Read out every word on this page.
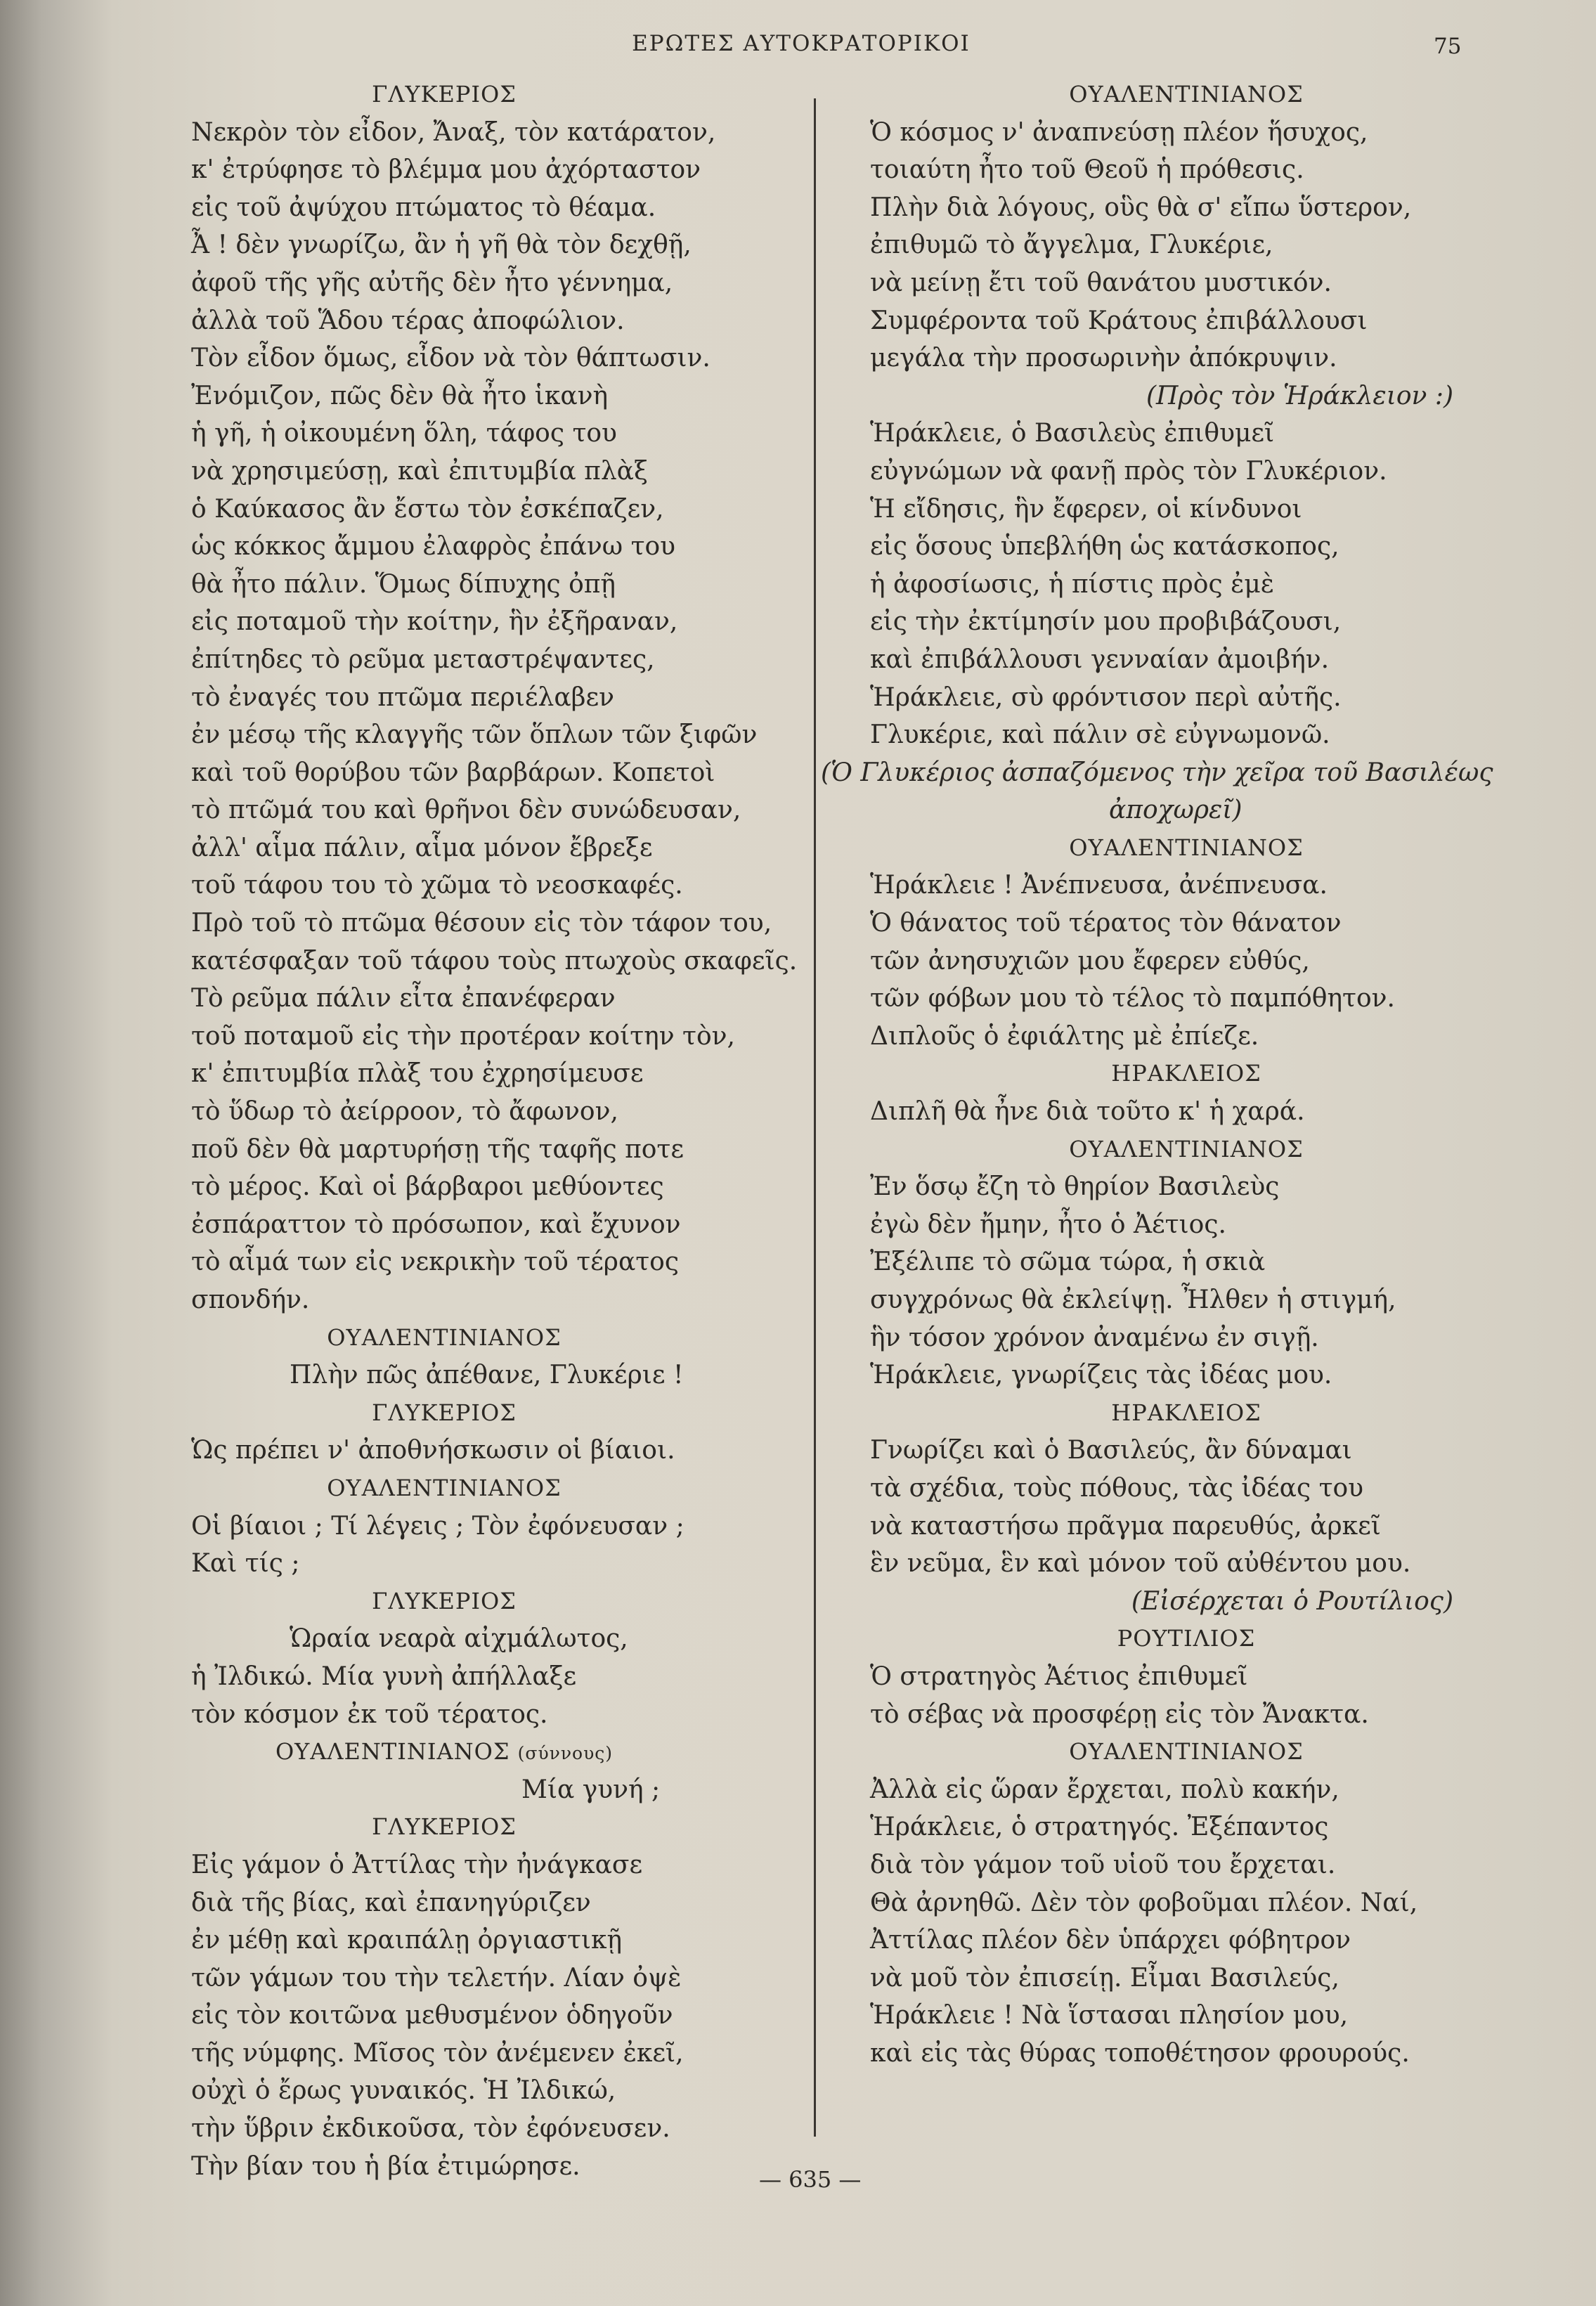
ΕΡΩΤΕΣ ΑΥΤΟΚΡΑΤΟΡΙΚΟΙ	75
ΓΛΥΚΕΡΙΟΣ
Νεκρὸν τὸν εἶδον, Ἄναξ, τὸν κατάρατον,
κ' ἐτρύφησε τὸ βλέμμα μου ἀχόρταστον
εἰς τοῦ ἀψύχου πτώματος τὸ θέαμα.
Ἆ ! δὲν γνωρίζω, ἂν ἡ γῆ θὰ τὸν δεχθῇ,
ἀφοῦ τῆς γῆς αὐτῆς δὲν ἦτο γέννημα,
ἀλλὰ τοῦ Ἅδου τέρας ἀποφώλιον.
Τὸν εἶδον ὅμως, εἶδον νὰ τὸν θάπτωσιν.
Ἐνόμιζον, πῶς δὲν θὰ ἦτο ἱκανὴ
ἡ γῆ, ἡ οἰκουμένη ὅλη, τάφος του
νὰ χρησιμεύσῃ, καὶ ἐπιτυμβία πλὰξ
ὁ Καύκασος ἂν ἔστω τὸν ἐσκέπαζεν,
ὡς κόκκος ἄμμου ἐλαφρὸς ἐπάνω του
θὰ ἦτο πάλιν. Ὅμως δίπυχης ὀπῇ
εἰς ποταμοῦ τὴν κοίτην, ἣν ἐξῆραναν,
ἐπίτηδες τὸ ρεῦμα μεταστρέψαντες,
τὸ ἐναγές του πτῶμα περιέλαβεν
ἐν μέσῳ τῆς κλαγγῆς τῶν ὅπλων τῶν ξιφῶν
καὶ τοῦ θορύβου τῶν βαρβάρων. Κοπετοὶ
τὸ πτῶμά του καὶ θρῆνοι δὲν συνώδευσαν,
ἀλλ' αἷμα πάλιν, αἷμα μόνον ἔβρεξε
τοῦ τάφου του τὸ χῶμα τὸ νεοσκαφές.
Πρὸ τοῦ τὸ πτῶμα θέσουν εἰς τὸν τάφον του,
κατέσφαξαν τοῦ τάφου τοὺς πτωχοὺς σκαφεῖς.
Τὸ ρεῦμα πάλιν εἶτα ἐπανέφεραν
τοῦ ποταμοῦ εἰς τὴν προτέραν κοίτην τὸν,
κ' ἐπιτυμβία πλὰξ του ἐχρησίμευσε
τὸ ὕδωρ τὸ ἀείρροον, τὸ ἄφωνον,
ποῦ δὲν θὰ μαρτυρήσῃ τῆς ταφῆς ποτε
τὸ μέρος. Καὶ οἱ βάρβαροι μεθύοντες
ἐσπάραττον τὸ πρόσωπον, καὶ ἔχυνον
τὸ αἷμά των εἰς νεκρικὴν τοῦ τέρατος
σπονδήν.
ΟΥΑΛΕΝΤΙΝΙΑΝΟΣ
Πλὴν πῶς ἀπέθανε, Γλυκέριε !
ΓΛΥΚΕΡΙΟΣ
Ὡς πρέπει ν' ἀποθνήσκωσιν οἱ βίαιοι.
ΟΥΑΛΕΝΤΙΝΙΑΝΟΣ
Οἱ βίαιοι ; Τί λέγεις ; Τὸν ἐφόνευσαν ;
Καὶ τίς ;
ΓΛΥΚΕΡΙΟΣ
Ὡραία νεαρὰ αἰχμάλωτος,
ἡ Ἰλδικώ. Μία γυνὴ ἀπήλλαξε
τὸν κόσμον ἐκ τοῦ τέρατος.
ΟΥΑΛΕΝΤΙΝΙΑΝΟΣ (σύννους)
Μία γυνή ;
ΓΛΥΚΕΡΙΟΣ
Εἰς γάμον ὁ Ἀττίλας τὴν ἠνάγκασε
διὰ τῆς βίας, καὶ ἐπανηγύριζεν
ἐν μέθῃ καὶ κραιπάλῃ ὀργιαστικῇ
τῶν γάμων του τὴν τελετήν. Λίαν ὀψὲ
εἰς τὸν κοιτῶνα μεθυσμένον ὁδηγοῦν
τῆς νύμφης. Μῖσος τὸν ἀνέμενεν ἐκεῖ,
οὐχὶ ὁ ἔρως γυναικός. Ἡ Ἰλδικώ,
τὴν ὕβριν ἐκδικοῦσα, τὸν ἐφόνευσεν.
Τὴν βίαν του ἡ βία ἐτιμώρησε.
ΟΥΑΛΕΝΤΙΝΙΑΝΟΣ
Ὁ κόσμος ν' ἀναπνεύσῃ πλέον ἥσυχος,
τοιαύτη ἦτο τοῦ Θεοῦ ἡ πρόθεσις.
Πλὴν διὰ λόγους, οὓς θὰ σ' εἴπω ὕστερον,
ἐπιθυμῶ τὸ ἄγγελμα, Γλυκέριε,
νὰ μείνῃ ἔτι τοῦ θανάτου μυστικόν.
Συμφέροντα τοῦ Κράτους ἐπιβάλλουσι
μεγάλα τὴν προσωρινὴν ἀπόκρυψιν.
(Πρὸς τὸν Ἡράκλειον :)
Ἡράκλειε, ὁ Βασιλεὺς ἐπιθυμεῖ
εὐγνώμων νὰ φανῇ πρὸς τὸν Γλυκέριον.
Ἡ εἴδησις, ἣν ἔφερεν, οἱ κίνδυνοι
εἰς ὅσους ὑπεβλήθη ὡς κατάσκοπος,
ἡ ἀφοσίωσις, ἡ πίστις πρὸς ἐμὲ
εἰς τὴν ἐκτίμησίν μου προβιβάζουσι,
καὶ ἐπιβάλλουσι γενναίαν ἀμοιβήν.
Ἡράκλειε, σὺ φρόντισον περὶ αὐτῆς.
Γλυκέριε, καὶ πάλιν σὲ εὐγνωμονῶ.
(Ὁ Γλυκέριος ἀσπαζόμενος τὴν χεῖρα τοῦ Βασιλέως
ἀποχωρεῖ)
ΟΥΑΛΕΝΤΙΝΙΑΝΟΣ
Ἡράκλειε ! Ἀνέπνευσα, ἀνέπνευσα.
Ὁ θάνατος τοῦ τέρατος τὸν θάνατον
τῶν ἀνησυχιῶν μου ἔφερεν εὐθύς,
τῶν φόβων μου τὸ τέλος τὸ παμπόθητον.
Διπλοῦς ὁ ἐφιάλτης μὲ ἐπίεζε.
ΗΡΑΚΛΕΙΟΣ
Διπλῆ θὰ ἦνε διὰ τοῦτο κ' ἡ χαρά.
ΟΥΑΛΕΝΤΙΝΙΑΝΟΣ
Ἐν ὅσῳ ἔζη τὸ θηρίον Βασιλεὺς
ἐγὼ δὲν ἤμην, ἦτο ὁ Ἀέτιος.
Ἐξέλιπε τὸ σῶμα τώρα, ἡ σκιὰ
συγχρόνως θὰ ἐκλείψῃ. Ἦλθεν ἡ στιγμή,
ἣν τόσον χρόνον ἀναμένω ἐν σιγῇ.
Ἡράκλειε, γνωρίζεις τὰς ἰδέας μου.
ΗΡΑΚΛΕΙΟΣ
Γνωρίζει καὶ ὁ Βασιλεύς, ἂν δύναμαι
τὰ σχέδια, τοὺς πόθους, τὰς ἰδέας του
νὰ καταστήσω πρᾶγμα παρευθύς, ἀρκεῖ
ἓν νεῦμα, ἓν καὶ μόνον τοῦ αὐθέντου μου.
(Εἰσέρχεται ὁ Ρουτίλιος)
ΡΟΥΤΙΛΙΟΣ
Ὁ στρατηγὸς Ἀέτιος ἐπιθυμεῖ
τὸ σέβας νὰ προσφέρῃ εἰς τὸν Ἄνακτα.
ΟΥΑΛΕΝΤΙΝΙΑΝΟΣ
Ἀλλὰ εἰς ὥραν ἔρχεται, πολὺ κακήν,
Ἡράκλειε, ὁ στρατηγός. Ἐξέπαντος
διὰ τὸν γάμον τοῦ υἱοῦ του ἔρχεται.
Θὰ ἀρνηθῶ. Δὲν τὸν φοβοῦμαι πλέον. Ναί,
Ἀττίλας πλέον δὲν ὑπάρχει φόβητρον
νὰ μοῦ τὸν ἐπισείῃ. Εἶμαι Βασιλεύς,
Ἡράκλειε ! Νὰ ἵστασαι πλησίον μου,
καὶ εἰς τὰς θύρας τοποθέτησον φρουρούς.
— 635 —
